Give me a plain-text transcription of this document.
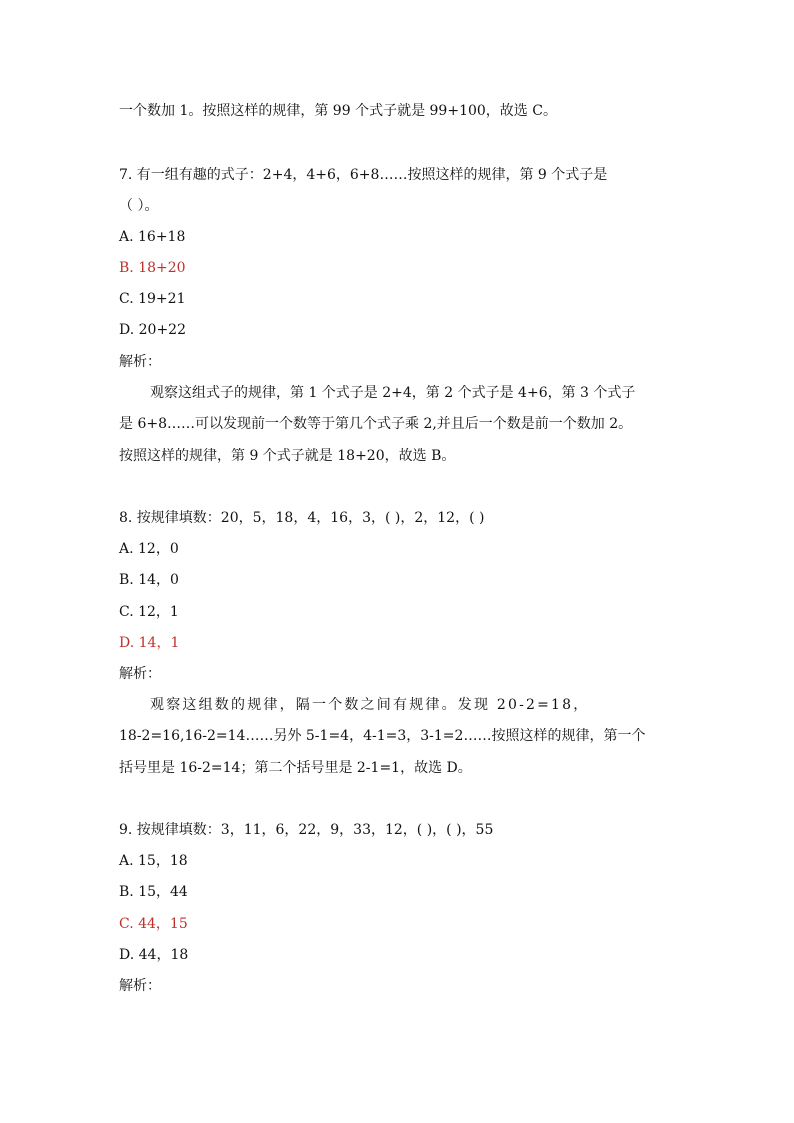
一个数加 1。按照这样的规律，第 99 个式子就是 99+100，故选 C。
7. 有一组有趣的式子：2+4，4+6，6+8……按照这样的规律，第 9 个式子是
（ ）。
A. 16+18
B. 18+20
C. 19+21
D. 20+22
解析：
观察这组式子的规律，第 1 个式子是 2+4，第 2 个式子是 4+6，第 3 个式子
是 6+8……可以发现前一个数等于第几个式子乘 2,并且后一个数是前一个数加 2。
按照这样的规律，第 9 个式子就是 18+20，故选 B。
8. 按规律填数：20，5，18，4，16，3，( )，2，12，( )
A. 12，0
B. 14，0
C. 12，1
D. 14，1
解析：
观察这组数的规律，隔一个数之间有规律。发现 20-2=18，
18-2=16,16-2=14……另外 5-1=4，4-1=3，3-1=2……按照这样的规律，第一个
括号里是 16-2=14；第二个括号里是 2-1=1，故选 D。
9. 按规律填数：3，11，6，22，9，33，12，( )，( )，55
A. 15，18
B. 15，44
C. 44，15
D. 44，18
解析：
